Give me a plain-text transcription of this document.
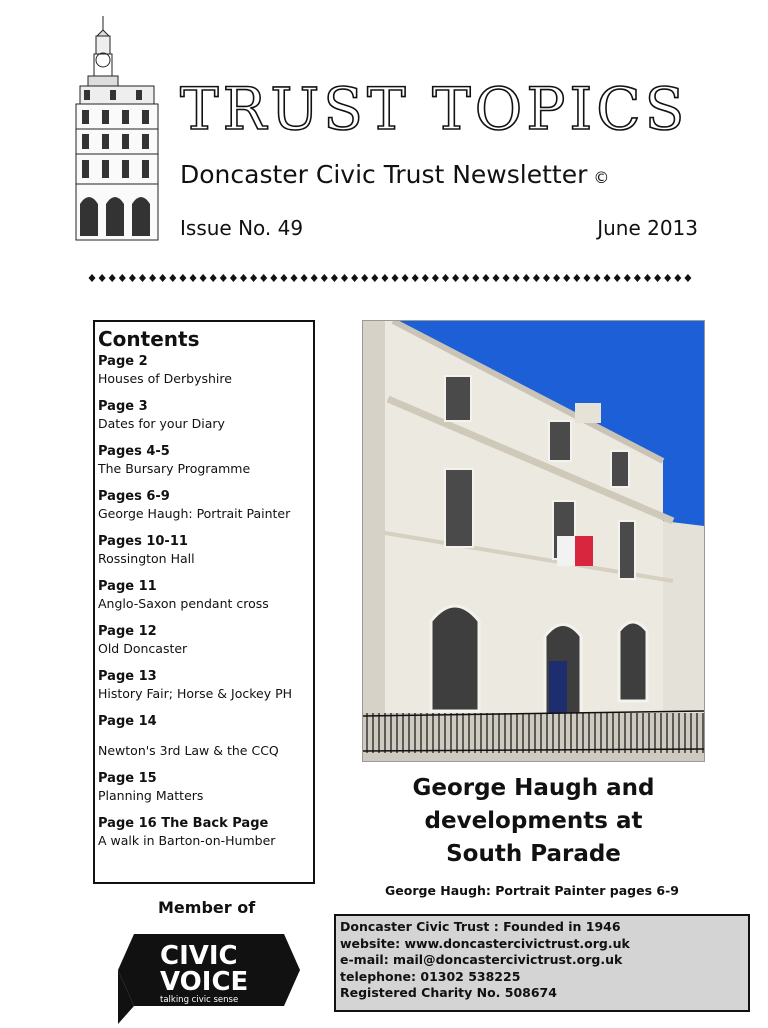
TRUST TOPICS
Doncaster Civic Trust Newsletter ©
Issue No. 49	June 2013
Contents
Page 2
Houses of Derbyshire
Page 3
Dates for your Diary
Pages 4-5
The Bursary Programme
Pages 6-9
George Haugh: Portrait Painter
Pages 10-11
Rossington Hall
Page 11
Anglo-Saxon pendant cross
Page 12
Old Doncaster
Page 13
History Fair; Horse & Jockey PH
Page 14
Newton's 3rd Law & the CCQ
Page 15
Planning Matters
Page 16 The Back Page
A walk in Barton-on-Humber
George Haugh and
developments at
South Parade
George Haugh: Portrait Painter pages 6-9
Member of
CIVIC
VOICE
talking civic sense
Doncaster Civic Trust : Founded in 1946
website: www.doncastercivictrust.org.uk
e-mail: mail@doncastercivictrust.org.uk
telephone: 01302 538225
Registered Charity No. 508674
